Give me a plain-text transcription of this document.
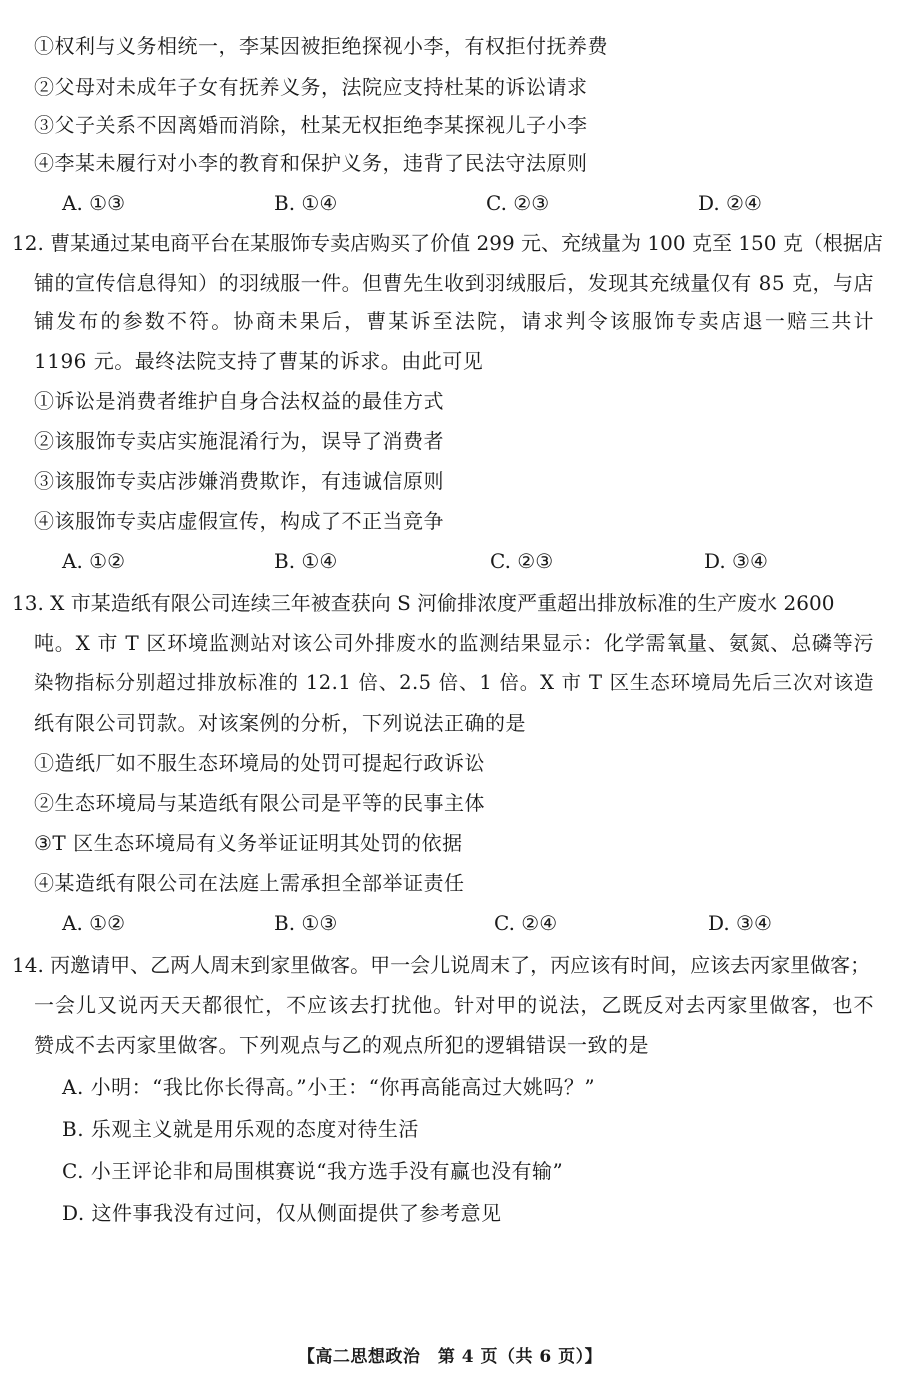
①权利与义务相统一，李某因被拒绝探视小李，有权拒付抚养费
②父母对未成年子女有抚养义务，法院应支持杜某的诉讼请求
③父子关系不因离婚而消除，杜某无权拒绝李某探视儿子小李
④李某未履行对小李的教育和保护义务，违背了民法守法原则
A. ①③	B. ①④	C. ②③	D. ②④
12. 曹某通过某电商平台在某服饰专卖店购买了价值 299 元、充绒量为 100 克至 150 克（根据店
铺的宣传信息得知）的羽绒服一件。但曹先生收到羽绒服后，发现其充绒量仅有 85 克，与店
铺发布的参数不符。协商未果后，曹某诉至法院，请求判令该服饰专卖店退一赔三共计
1196 元。最终法院支持了曹某的诉求。由此可见
①诉讼是消费者维护自身合法权益的最佳方式
②该服饰专卖店实施混淆行为，误导了消费者
③该服饰专卖店涉嫌消费欺诈，有违诚信原则
④该服饰专卖店虚假宣传，构成了不正当竞争
A. ①②	B. ①④	C. ②③	D. ③④
13. X 市某造纸有限公司连续三年被查获向 S 河偷排浓度严重超出排放标准的生产废水 2600
吨。X 市 T 区环境监测站对该公司外排废水的监测结果显示：化学需氧量、氨氮、总磷等污
染物指标分别超过排放标准的 12.1 倍、2.5 倍、1 倍。X 市 T 区生态环境局先后三次对该造
纸有限公司罚款。对该案例的分析，下列说法正确的是
①造纸厂如不服生态环境局的处罚可提起行政诉讼
②生态环境局与某造纸有限公司是平等的民事主体
③T 区生态环境局有义务举证证明其处罚的依据
④某造纸有限公司在法庭上需承担全部举证责任
A. ①②	B. ①③	C. ②④	D. ③④
14. 丙邀请甲、乙两人周末到家里做客。甲一会儿说周末了，丙应该有时间，应该去丙家里做客；
一会儿又说丙天天都很忙，不应该去打扰他。针对甲的说法，乙既反对去丙家里做客，也不
赞成不去丙家里做客。下列观点与乙的观点所犯的逻辑错误一致的是
A. 小明：“我比你长得高。”小王：“你再高能高过大姚吗？”
B. 乐观主义就是用乐观的态度对待生活
C. 小王评论非和局围棋赛说“我方选手没有赢也没有输”
D. 这件事我没有过问，仅从侧面提供了参考意见
【高二思想政治　第 4 页（共 6 页）】
